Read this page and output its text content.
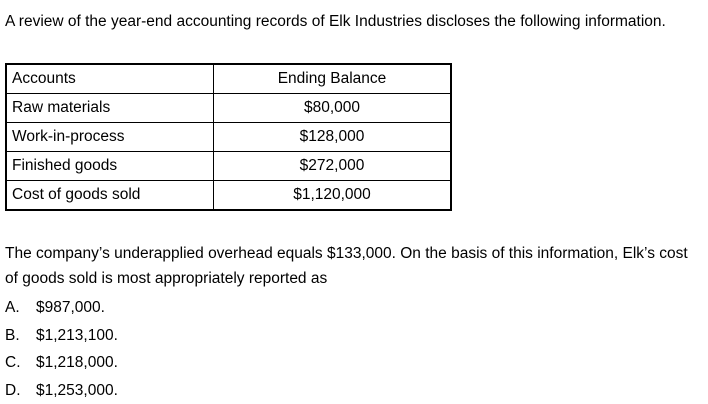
A review of the year-end accounting records of Elk Industries discloses the following information.

Accounts	Ending Balance
Raw materials	$80,000
Work-in-process	$128,000
Finished goods	$272,000
Cost of goods sold	$1,120,000

The company’s underapplied overhead equals $133,000. On the basis of this information, Elk’s cost of goods sold is most appropriately reported as

A. $987,000.
B. $1,213,100.
C. $1,218,000.
D. $1,253,000.
